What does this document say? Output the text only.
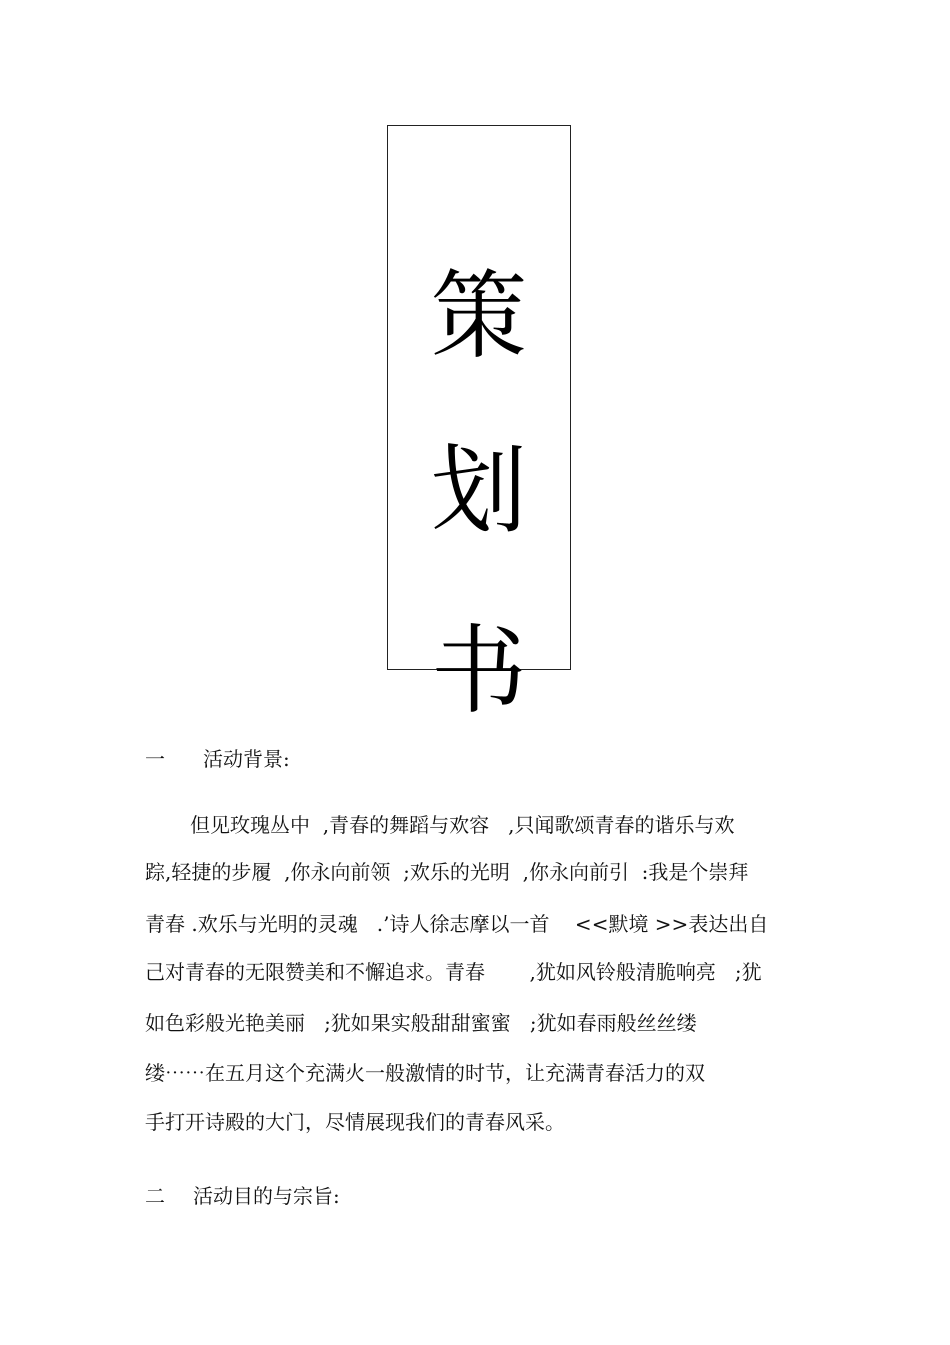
策
划
书
一 活动背景:
但见玫瑰丛中  ,青春的舞蹈与欢容   ,只闻歌颂青春的谐乐与欢
踪,轻捷的步履  ,你永向前领  ;欢乐的光明  ,你永向前引  :我是个崇拜
青春 .欢乐与光明的灵魂   .’诗人徐志摩以一首    <<默境 >>表达出自
己对青春的无限赞美和不懈追求。青春       ,犹如风铃般清脆响亮   ;犹
如色彩般光艳美丽   ;犹如果实般甜甜蜜蜜   ;犹如春雨般丝丝缕
缕⋯⋯在五月这个充满火一般激情的时节，让充满青春活力的双
手打开诗殿的大门，尽情展现我们的青春风采。
二 活动目的与宗旨:
